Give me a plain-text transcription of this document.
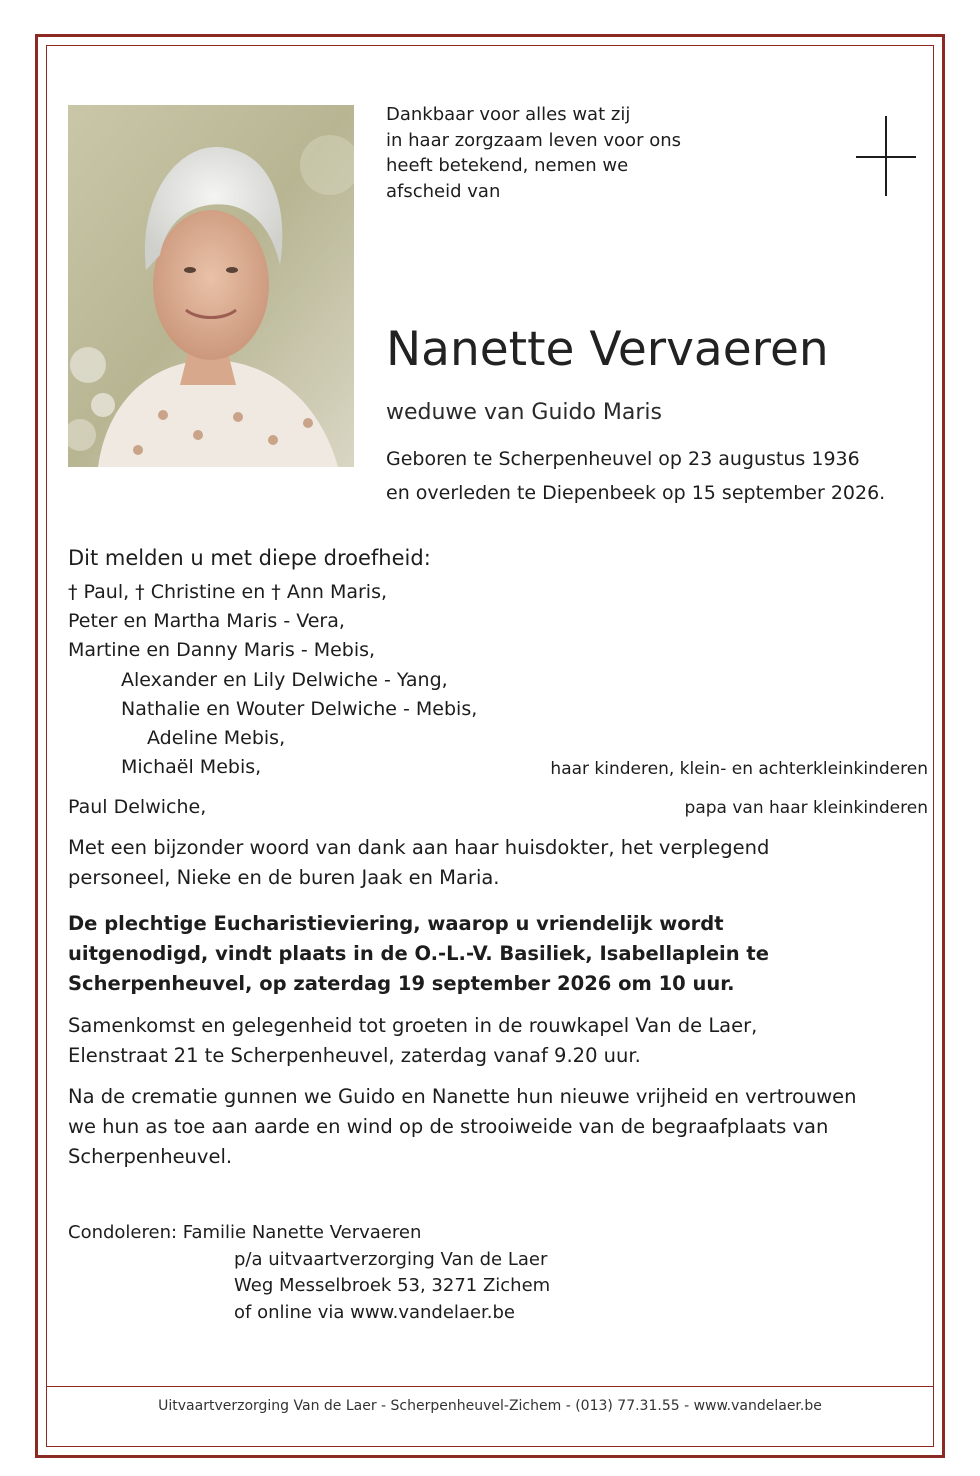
Dankbaar voor alles wat zij
in haar zorgzaam leven voor ons
heeft betekend, nemen we
afscheid van
Nanette Vervaeren
weduwe van Guido Maris
Geboren te Scherpenheuvel op 23 augustus 1936
en overleden te Diepenbeek op 15 september 2026.
Dit melden u met diepe droefheid:
† Paul, † Christine en † Ann Maris,
Peter en Martha Maris - Vera,
Martine en Danny Maris - Mebis,
Alexander en Lily Delwiche - Yang,
Nathalie en Wouter Delwiche - Mebis,
Adeline Mebis,
Michaël Mebis,	haar kinderen, klein- en achterkleinkinderen
Paul Delwiche,	papa van haar kleinkinderen
Met een bijzonder woord van dank aan haar huisdokter, het verplegend
personeel, Nieke en de buren Jaak en Maria.
De plechtige Eucharistieviering, waarop u vriendelijk wordt
uitgenodigd, vindt plaats in de O.-L.-V. Basiliek, Isabellaplein te
Scherpenheuvel, op zaterdag 19 september 2026 om 10 uur.
Samenkomst en gelegenheid tot groeten in de rouwkapel Van de Laer,
Elenstraat 21 te Scherpenheuvel, zaterdag vanaf 9.20 uur.
Na de crematie gunnen we Guido en Nanette hun nieuwe vrijheid en vertrouwen
we hun as toe aan aarde en wind op de strooiweide van de begraafplaats van
Scherpenheuvel.
Condoleren: Familie Nanette Vervaeren
p/a uitvaartverzorging Van de Laer
Weg Messelbroek 53, 3271 Zichem
of online via www.vandelaer.be
Uitvaartverzorging Van de Laer - Scherpenheuvel-Zichem - (013) 77.31.55 - www.vandelaer.be
